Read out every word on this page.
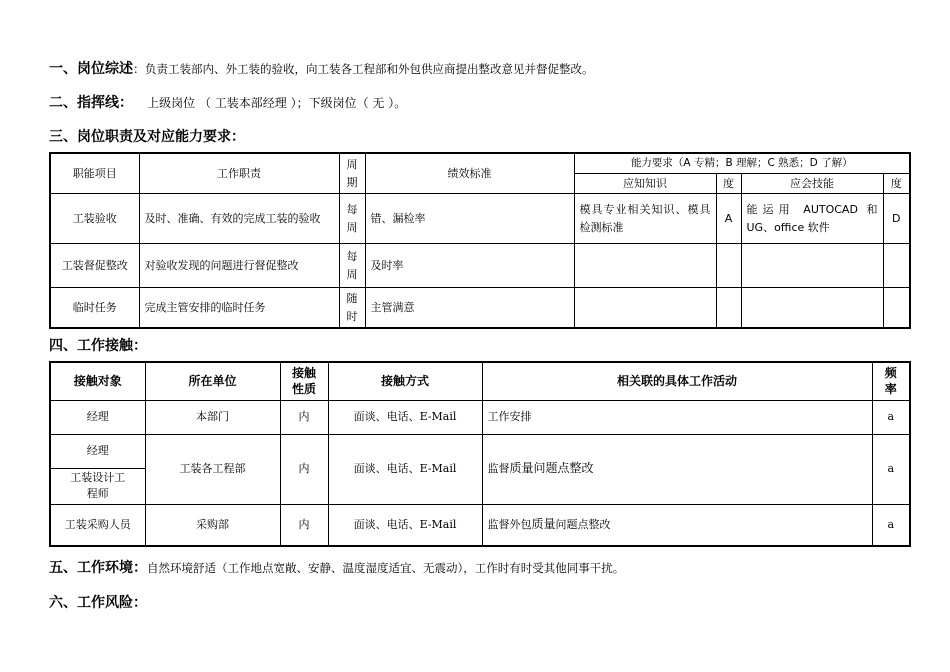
一、岗位综述：负责工装部内、外工装的验收，向工装各工程部和外包供应商提出整改意见并督促整改。
二、指挥线： 上级岗位 （ 工装本部经理 ）；下级岗位（ 无 ）。
三、岗位职责及对应能力要求：
职能项目	工作职责	周期	绩效标准	能力要求（A 专精；B 理解；C 熟悉；D 了解）			
				应知知识	度	应会技能	度
工装验收	及时、准确、有效的完成工装的验收	每周	错、漏检率	模具专业相关知识、模具检测标准	A	能运用 AUTOCAD 和 UG、office 软件	D
工装督促整改	对验收发现的问题进行督促整改	每周	及时率				
临时任务	完成主管安排的临时任务	随时	主管满意				
四、工作接触：
接触对象	所在单位	接触性质	接触方式	相关联的具体工作活动	频率
经理	本部门	内	面谈、电话、E-Mail	工作安排	a
经理	工装各工程部	内	面谈、电话、E-Mail	监督质量问题点整改	a
工装设计工程师					
工装采购人员	采购部	内	面谈、电话、E-Mail	监督外包质量问题点整改	a
五、工作环境：自然环境舒适（工作地点宽敞、安静、温度湿度适宜、无震动），工作时有时受其他同事干扰。
六、工作风险：
